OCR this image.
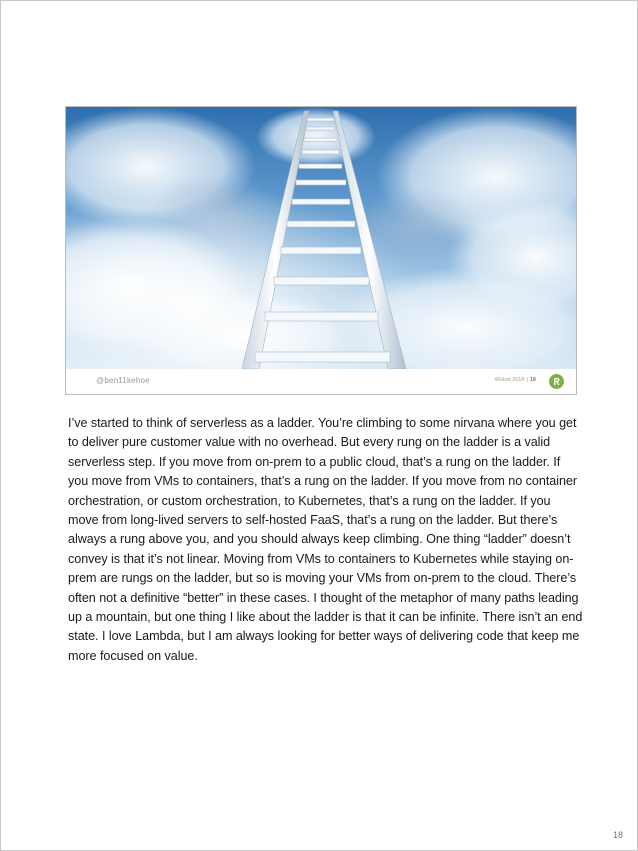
@ben11kehoe	iRobot 2018 | 18

I’ve started to think of serverless as a ladder. You’re climbing to some nirvana where you get to deliver pure customer value with no overhead. But every rung on the ladder is a valid serverless step. If you move from on-prem to a public cloud, that’s a rung on the ladder. If you move from VMs to containers, that’s a rung on the ladder. If you move from no container orchestration, or custom orchestration, to Kubernetes, that’s a rung on the ladder. If you move from long-lived servers to self-hosted FaaS, that’s a rung on the ladder. But there’s always a rung above you, and you should always keep climbing. One thing “ladder” doesn’t convey is that it’s not linear. Moving from VMs to containers to Kubernetes while staying on-prem are rungs on the ladder, but so is moving your VMs from on-prem to the cloud. There’s often not a definitive “better” in these cases. I thought of the metaphor of many paths leading up a mountain, but one thing I like about the ladder is that it can be infinite. There isn’t an end state. I love Lambda, but I am always looking for better ways of delivering code that keep me more focused on value.

18
